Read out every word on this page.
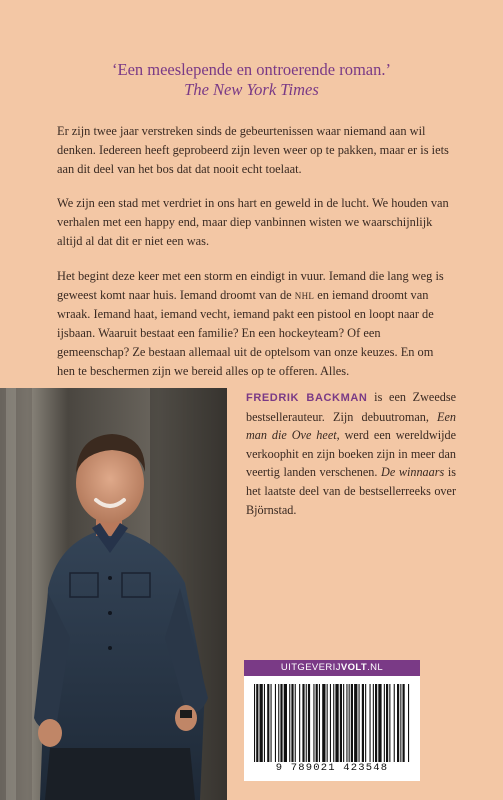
‘Een meeslepende en ontroerende roman.’
The New York Times

Er zijn twee jaar verstreken sinds de gebeurtenissen waar niemand aan wil denken. Iedereen heeft geprobeerd zijn leven weer op te pakken, maar er is iets aan dit deel van het bos dat dat nooit echt toelaat.

We zijn een stad met verdriet in ons hart en geweld in de lucht. We houden van verhalen met een happy end, maar diep vanbinnen wisten we waarschijnlijk altijd al dat dit er niet een was.

Het begint deze keer met een storm en eindigt in vuur. Iemand die lang weg is geweest komt naar huis. Iemand droomt van de nhl en iemand droomt van wraak. Iemand haat, iemand vecht, iemand pakt een pistool en loopt naar de ijsbaan. Waaruit bestaat een familie? En een hockeyteam? Of een gemeenschap? Ze bestaan allemaal uit de optelsom van onze keuzes. En om hen te beschermen zijn we bereid alles op te offeren. Alles.

FREDRIK BACKMAN is een Zweedse bestsellerauteur. Zijn debuutroman, Een man die Ove heet, werd een wereldwijde verkoophit en zijn boeken zijn in meer dan veertig landen verschenen. De winnaars is het laatste deel van de bestsellerreeks over Björnstad.

UITGEVERIJVOLT.NL
9 789021 423548
